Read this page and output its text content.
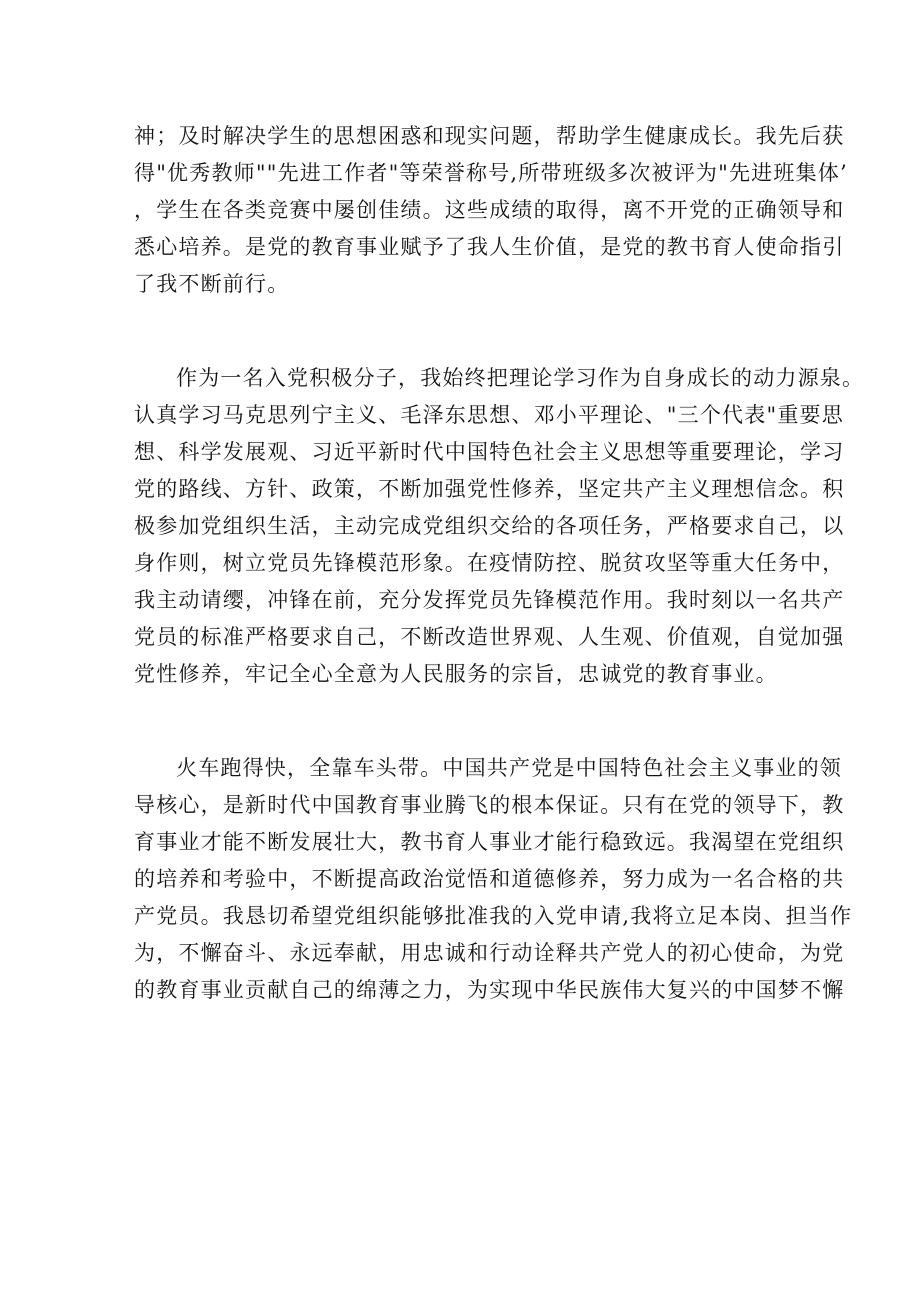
神；及时解决学生的思想困惑和现实问题，帮助学生健康成长。我先后获
得"优秀教师""先进工作者"等荣誉称号,所带班级多次被评为"先进班集体’
，学生在各类竞赛中屡创佳绩。这些成绩的取得，离不开党的正确领导和
悉心培养。是党的教育事业赋予了我人生价值，是党的教书育人使命指引
了我不断前行。
作为一名入党积极分子，我始终把理论学习作为自身成长的动力源泉。
认真学习马克思列宁主义、毛泽东思想、邓小平理论、"三个代表"重要思
想、科学发展观、习近平新时代中国特色社会主义思想等重要理论，学习
党的路线、方针、政策，不断加强党性修养，坚定共产主义理想信念。积
极参加党组织生活，主动完成党组织交给的各项任务，严格要求自己，以
身作则，树立党员先锋模范形象。在疫情防控、脱贫攻坚等重大任务中，
我主动请缨，冲锋在前，充分发挥党员先锋模范作用。我时刻以一名共产
党员的标准严格要求自己，不断改造世界观、人生观、价值观，自觉加强
党性修养，牢记全心全意为人民服务的宗旨，忠诚党的教育事业。
火车跑得快，全靠车头带。中国共产党是中国特色社会主义事业的领
导核心，是新时代中国教育事业腾飞的根本保证。只有在党的领导下，教
育事业才能不断发展壮大，教书育人事业才能行稳致远。我渴望在党组织
的培养和考验中，不断提高政治觉悟和道德修养，努力成为一名合格的共
产党员。我恳切希望党组织能够批准我的入党申请,我将立足本岗、担当作
为，不懈奋斗、永远奉献，用忠诚和行动诠释共产党人的初心使命，为党
的教育事业贡献自己的绵薄之力，为实现中华民族伟大复兴的中国梦不懈
